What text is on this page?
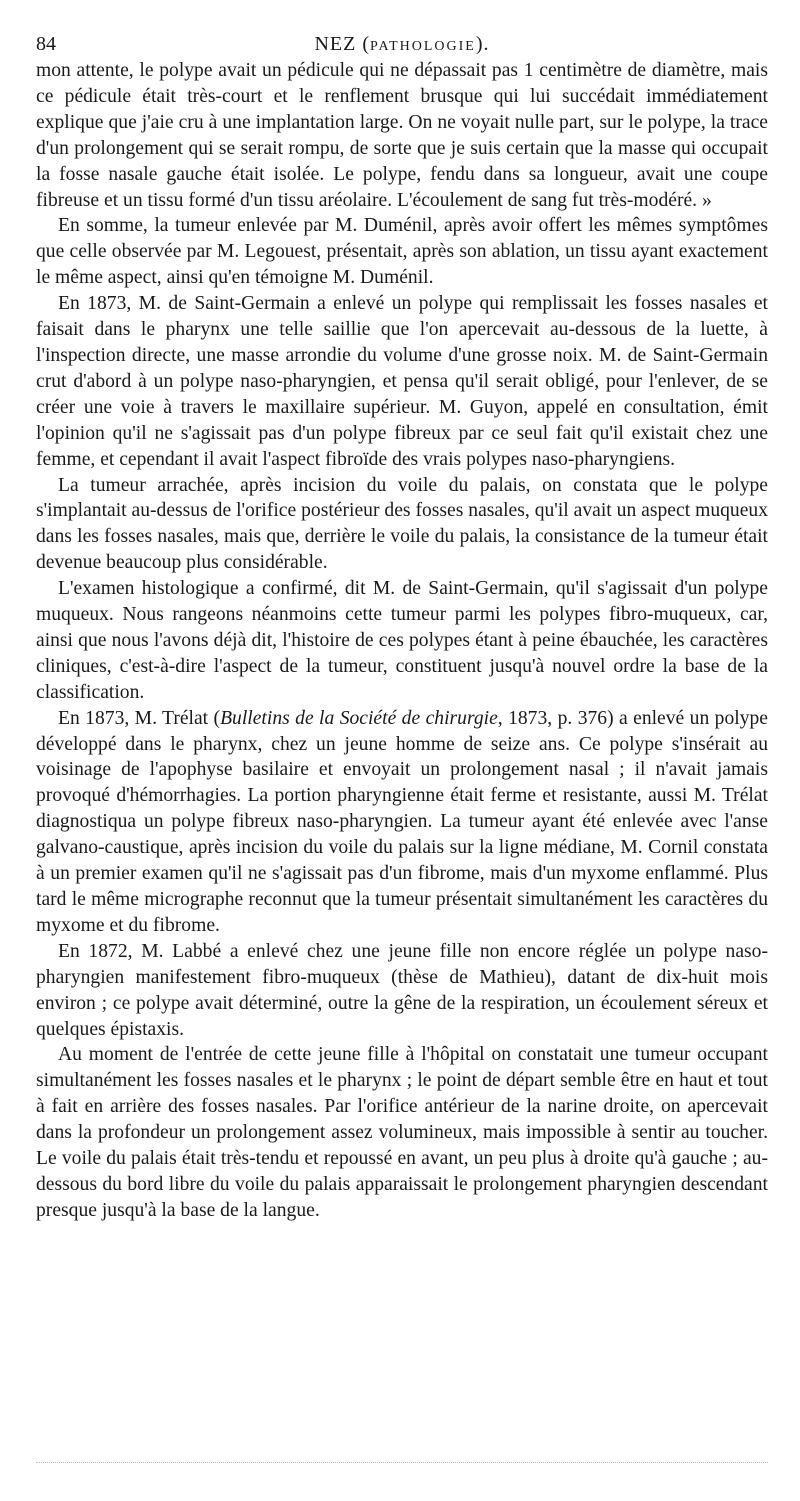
84	NEZ (PATHOLOGIE).

mon attente, le polype avait un pédicule qui ne dépassait pas 1 centimètre de diamètre, mais ce pédicule était très-court et le renflement brusque qui lui succédait immédiatement explique que j'aie cru à une implantation large. On ne voyait nulle part, sur le polype, la trace d'un prolongement qui se serait rompu, de sorte que je suis certain que la masse qui occupait la fosse nasale gauche était isolée. Le polype, fendu dans sa longueur, avait une coupe fibreuse et un tissu formé d'un tissu aréolaire. L'écoulement de sang fut très-modéré. »

En somme, la tumeur enlevée par M. Duménil, après avoir offert les mêmes symptômes que celle observée par M. Legouest, présentait, après son ablation, un tissu ayant exactement le même aspect, ainsi qu'en témoigne M. Duménil.

En 1873, M. de Saint-Germain a enlevé un polype qui remplissait les fosses nasales et faisait dans le pharynx une telle saillie que l'on apercevait au-dessous de la luette, à l'inspection directe, une masse arrondie du volume d'une grosse noix. M. de Saint-Germain crut d'abord à un polype naso-pharyngien, et pensa qu'il serait obligé, pour l'enlever, de se créer une voie à travers le maxillaire supérieur. M. Guyon, appelé en consultation, émit l'opinion qu'il ne s'agissait pas d'un polype fibreux par ce seul fait qu'il existait chez une femme, et cependant il avait l'aspect fibroïde des vrais polypes naso-pharyngiens.

La tumeur arrachée, après incision du voile du palais, on constata que le polype s'implantait au-dessus de l'orifice postérieur des fosses nasales, qu'il avait un aspect muqueux dans les fosses nasales, mais que, derrière le voile du palais, la consistance de la tumeur était devenue beaucoup plus considérable.

L'examen histologique a confirmé, dit M. de Saint-Germain, qu'il s'agissait d'un polype muqueux. Nous rangeons néanmoins cette tumeur parmi les polypes fibro-muqueux, car, ainsi que nous l'avons déjà dit, l'histoire de ces polypes étant à peine ébauchée, les caractères cliniques, c'est-à-dire l'aspect de la tumeur, constituent jusqu'à nouvel ordre la base de la classification.

En 1873, M. Trélat (Bulletins de la Société de chirurgie, 1873, p. 376) a enlevé un polype développé dans le pharynx, chez un jeune homme de seize ans. Ce polype s'insérait au voisinage de l'apophyse basilaire et envoyait un prolongement nasal ; il n'avait jamais provoqué d'hémorrhagies. La portion pharyngienne était ferme et resistante, aussi M. Trélat diagnostiqua un polype fibreux naso-pharyngien. La tumeur ayant été enlevée avec l'anse galvano-caustique, après incision du voile du palais sur la ligne médiane, M. Cornil constata à un premier examen qu'il ne s'agissait pas d'un fibrome, mais d'un myxome enflammé. Plus tard le même micrographe reconnut que la tumeur présentait simultanément les caractères du myxome et du fibrome.

En 1872, M. Labbé a enlevé chez une jeune fille non encore réglée un polype naso-pharyngien manifestement fibro-muqueux (thèse de Mathieu), datant de dix-huit mois environ ; ce polype avait déterminé, outre la gêne de la respiration, un écoulement séreux et quelques épistaxis.

Au moment de l'entrée de cette jeune fille à l'hôpital on constatait une tumeur occupant simultanément les fosses nasales et le pharynx ; le point de départ semble être en haut et tout à fait en arrière des fosses nasales. Par l'orifice antérieur de la narine droite, on apercevait dans la profondeur un prolongement assez volumineux, mais impossible à sentir au toucher. Le voile du palais était très-tendu et repoussé en avant, un peu plus à droite qu'à gauche ; au-dessous du bord libre du voile du palais apparaissait le prolongement pharyngien descendant presque jusqu'à la base de la langue.
